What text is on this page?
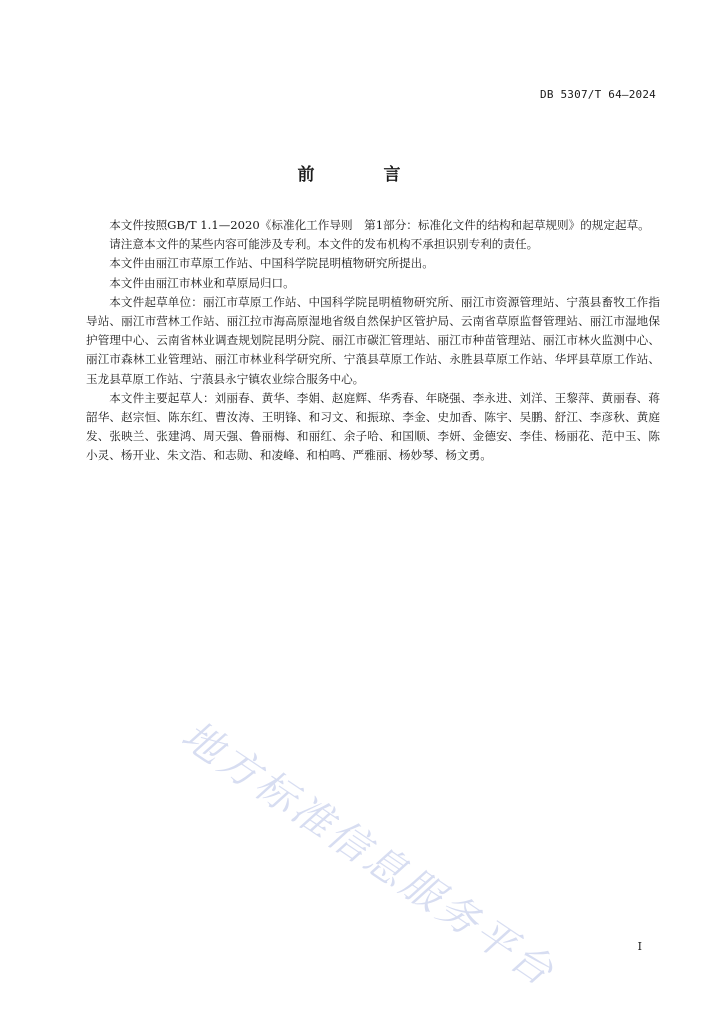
DB 5307/T 64—2024
前　言

本文件按照GB/T 1.1—2020《标准化工作导则　第1部分：标准化文件的结构和起草规则》的规定起草。

请注意本文件的某些内容可能涉及专利。本文件的发布机构不承担识别专利的责任。

本文件由丽江市草原工作站、中国科学院昆明植物研究所提出。

本文件由丽江市林业和草原局归口。

本文件起草单位：丽江市草原工作站、中国科学院昆明植物研究所、丽江市资源管理站、宁蒗县畜牧工作指导站、丽江市营林工作站、丽江拉市海高原湿地省级自然保护区管护局、云南省草原监督管理站、丽江市湿地保护管理中心、云南省林业调查规划院昆明分院、丽江市碳汇管理站、丽江市种苗管理站、丽江市林火监测中心、丽江市森林工业管理站、丽江市林业科学研究所、宁蒗县草原工作站、永胜县草原工作站、华坪县草原工作站、玉龙县草原工作站、宁蒗县永宁镇农业综合服务中心。

本文件主要起草人：刘丽春、黄华、李娟、赵庭辉、华秀春、年晓强、李永进、刘洋、王黎萍、黄丽春、蒋韶华、赵宗恒、陈东红、曹汝涛、王明锋、和习文、和振琼、李金、史加香、陈宇、吴鹏、舒江、李彦秋、黄庭发、张映兰、张建鸿、周天强、鲁丽梅、和丽红、余子哈、和国顺、李妍、金德安、李佳、杨丽花、范中玉、陈小灵、杨开业、朱文浩、和志勋、和凌峰、和柏鸣、严雅丽、杨妙琴、杨文勇。

地方标准信息服务平台	I
